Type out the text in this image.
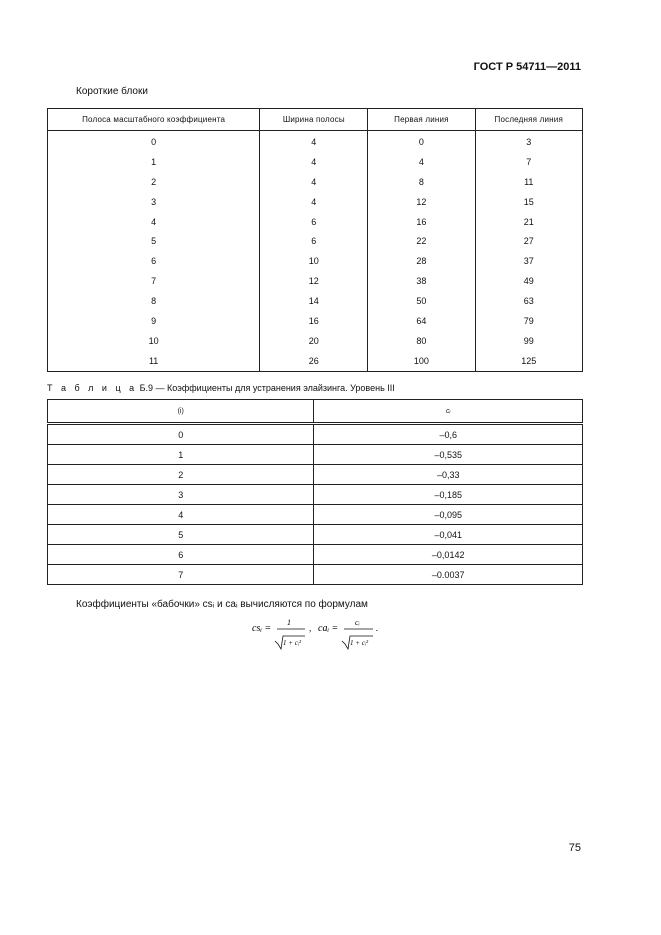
ГОСТ Р 54711—2011
Короткие блоки
Полоса масштабного коэффициента	Ширина полосы	Первая линия	Последняя линия
0	4	0	3
1	4	4	7
2	4	8	11
3	4	12	15
4	6	16	21
5	6	22	27
6	10	28	37
7	12	38	49
8	14	50	63
9	16	64	79
10	20	80	99
11	26	100	125
Т а б л и ц а Б.9 — Коэффициенты для устранения элайзинга. Уровень III
(i)	cᵢ
0	–0,6
1	–0,535
2	–0,33
3	–0,185
4	–0,095
5	–0,041
6	–0,0142
7	–0.0037
Коэффициенты «бабочки» csᵢ и caᵢ вычисляются по формулам
csᵢ =
1
1 + cᵢ²
, caᵢ =
cᵢ
1 + cᵢ²
.
75
